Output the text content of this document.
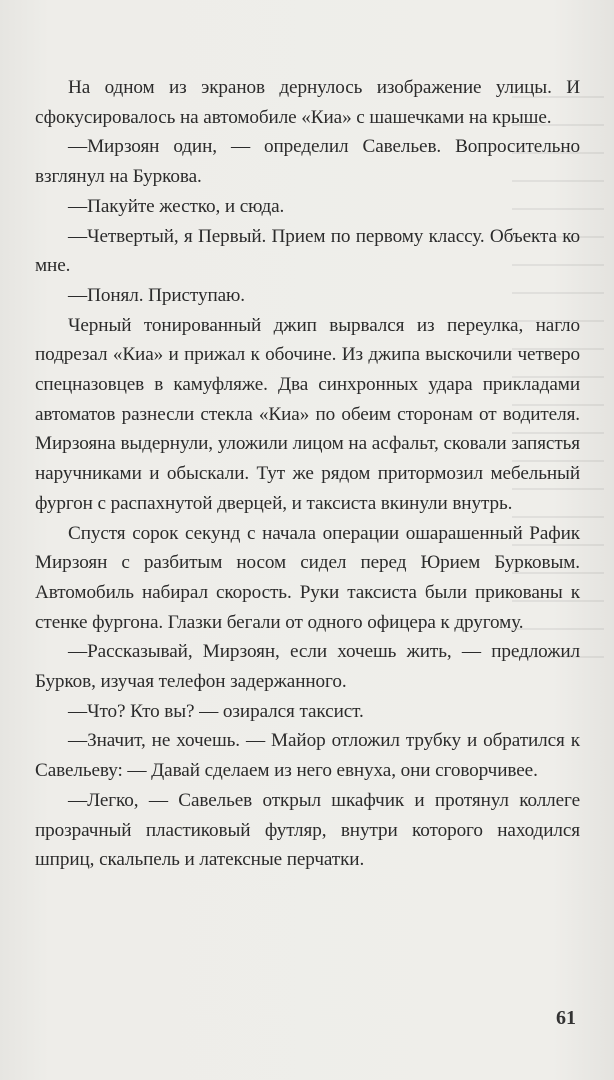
На одном из экранов дернулось изображение улицы. И сфокусировалось на автомобиле «Киа» с шашечками на крыше.

—Мирзоян один, — определил Савельев. Вопросительно взглянул на Буркова.

—Пакуйте жестко, и сюда.

—Четвертый, я Первый. Прием по первому классу. Объекта ко мне.

—Понял. Приступаю.

Черный тонированный джип вырвался из переулка, нагло подрезал «Киа» и прижал к обочине. Из джипа выскочили четверо спецназовцев в камуфляже. Два синхронных удара прикладами автоматов разнесли стекла «Киа» по обеим сторонам от водителя. Мирзояна выдернули, уложили лицом на асфальт, сковали запястья наручниками и обыскали. Тут же рядом притормозил мебельный фургон с распахнутой дверцей, и таксиста вкинули внутрь.

Спустя сорок секунд с начала операции ошарашенный Рафик Мирзоян с разбитым носом сидел перед Юрием Бурковым. Автомобиль набирал скорость. Руки таксиста были прикованы к стенке фургона. Глазки бегали от одного офицера к другому.

—Рассказывай, Мирзоян, если хочешь жить, — предложил Бурков, изучая телефон задержанного.

—Что? Кто вы? — озирался таксист.

—Значит, не хочешь. — Майор отложил трубку и обратился к Савельеву: — Давай сделаем из него евнуха, они сговорчивее.

—Легко, — Савельев открыл шкафчик и протянул коллеге прозрачный пластиковый футляр, внутри которого находился шприц, скальпель и латексные перчатки.

61
